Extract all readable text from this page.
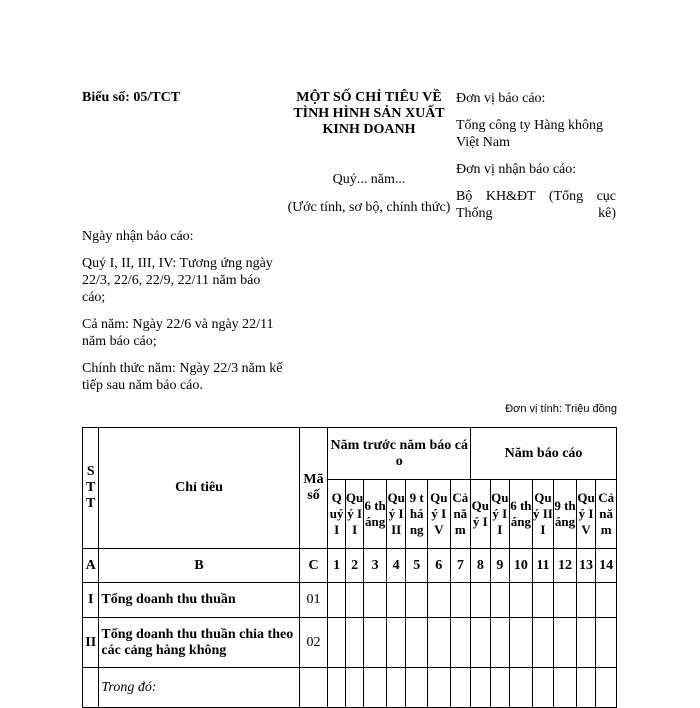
Biểu số: 05/TCT	MỘT SỐ CHỈ TIÊU VỀ TÌNH HÌNH SẢN XUẤT KINH DOANH
Quý... năm...
(Ước tính, sơ bộ, chính thức)

Đơn vị báo cáo:

Tổng công ty Hàng không Việt Nam

Đơn vị nhận báo cáo:

Bộ KH&ĐT (Tổng cục Thống kê)

Ngày nhận báo cáo:

Quý I, II, III, IV: Tương ứng ngày 22/3, 22/6, 22/9, 22/11 năm báo cáo;

Cả năm: Ngày 22/6 và ngày 22/11 năm báo cáo;

Chính thức năm: Ngày 22/3 năm kế tiếp sau năm báo cáo.

Đơn vị tính: Triệu đồng
STT	Chỉ tiêu	Mã số	Năm trước năm báo cáo							Năm báo cáo						
			Quý I	Quý II	6 tháng	Quý III	9 tháng	Quý IV	Cả năm	Quý I	Quý II	6 tháng	Quý III	9 tháng	Quý IV	Cả năm
A	B	C	1	2	3	4	5	6	7	8	9	10	11	12	13	14
I	Tổng doanh thu thuần	01														
II	Tổng doanh thu thuần chia theo các cảng hàng không	02														
	Trong đó:															
